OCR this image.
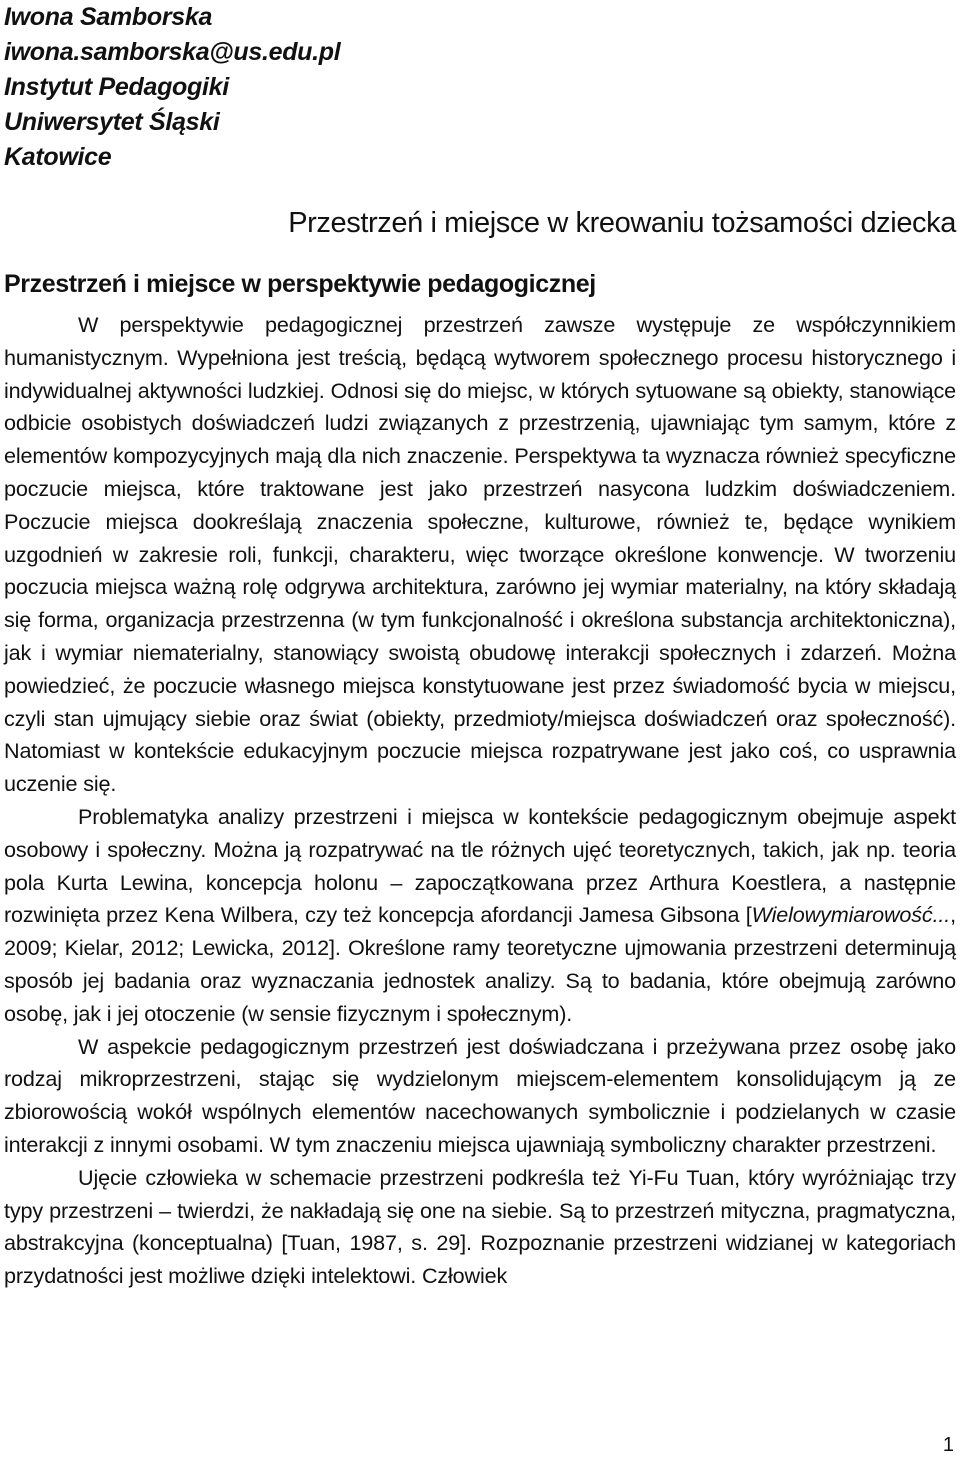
Iwona Samborska

iwona.samborska@us.edu.pl

Instytut Pedagogiki

Uniwersytet Śląski

Katowice

Przestrzeń i miejsce w kreowaniu tożsamości dziecka
Przestrzeń i miejsce w perspektywie pedagogicznej

W perspektywie pedagogicznej przestrzeń zawsze występuje ze współczynnikiem humanistycznym. Wypełniona jest treścią, będącą wytworem społecznego procesu historycznego i indywidualnej aktywności ludzkiej. Odnosi się do miejsc, w których sytuowane są obiekty, stanowiące odbicie osobistych doświadczeń ludzi związanych z przestrzenią, ujawniając tym samym, które z elementów kompozycyjnych mają dla nich znaczenie. Perspektywa ta wyznacza również specyficzne poczucie miejsca, które traktowane jest jako przestrzeń nasycona ludzkim doświadczeniem. Poczucie miejsca dookreślają znaczenia społeczne, kulturowe, również te, będące wynikiem uzgodnień w zakresie roli, funkcji, charakteru, więc tworzące określone konwencje. W tworzeniu poczucia miejsca ważną rolę odgrywa architektura, zarówno jej wymiar materialny, na który składają się forma, organizacja przestrzenna (w tym funkcjonalność i określona substancja architektoniczna), jak i wymiar niematerialny, stanowiący swoistą obudowę interakcji społecznych i zdarzeń. Można powiedzieć, że poczucie własnego miejsca konstytuowane jest przez świadomość bycia w miejscu, czyli stan ujmujący siebie oraz świat (obiekty, przedmioty/miejsca doświadczeń oraz społeczność). Natomiast w kontekście edukacyjnym poczucie miejsca rozpatrywane jest jako coś, co usprawnia uczenie się.

Problematyka analizy przestrzeni i miejsca w kontekście pedagogicznym obejmuje aspekt osobowy i społeczny. Można ją rozpatrywać na tle różnych ujęć teoretycznych, takich, jak np. teoria pola Kurta Lewina, koncepcja holonu – zapoczątkowana przez Arthura Koestlera, a następnie rozwinięta przez Kena Wilbera, czy też koncepcja afordancji Jamesa Gibsona [Wielowymiarowość..., 2009; Kielar, 2012; Lewicka, 2012]. Określone ramy teoretyczne ujmowania przestrzeni determinują sposób jej badania oraz wyznaczania jednostek analizy. Są to badania, które obejmują zarówno osobę, jak i jej otoczenie (w sensie fizycznym i społecznym).

W aspekcie pedagogicznym przestrzeń jest doświadczana i przeżywana przez osobę jako rodzaj mikroprzestrzeni, stając się wydzielonym miejscem-elementem konsolidującym ją ze zbiorowością wokół wspólnych elementów nacechowanych symbolicznie i podzielanych w czasie interakcji z innymi osobami. W tym znaczeniu miejsca ujawniają symboliczny charakter przestrzeni.

Ujęcie człowieka w schemacie przestrzeni podkreśla też Yi-Fu Tuan, który wyróżniając trzy typy przestrzeni – twierdzi, że nakładają się one na siebie. Są to przestrzeń mityczna, pragmatyczna, abstrakcyjna (konceptualna) [Tuan, 1987, s. 29]. Rozpoznanie przestrzeni widzianej w kategoriach przydatności jest możliwe dzięki intelektowi. Człowiek

1
